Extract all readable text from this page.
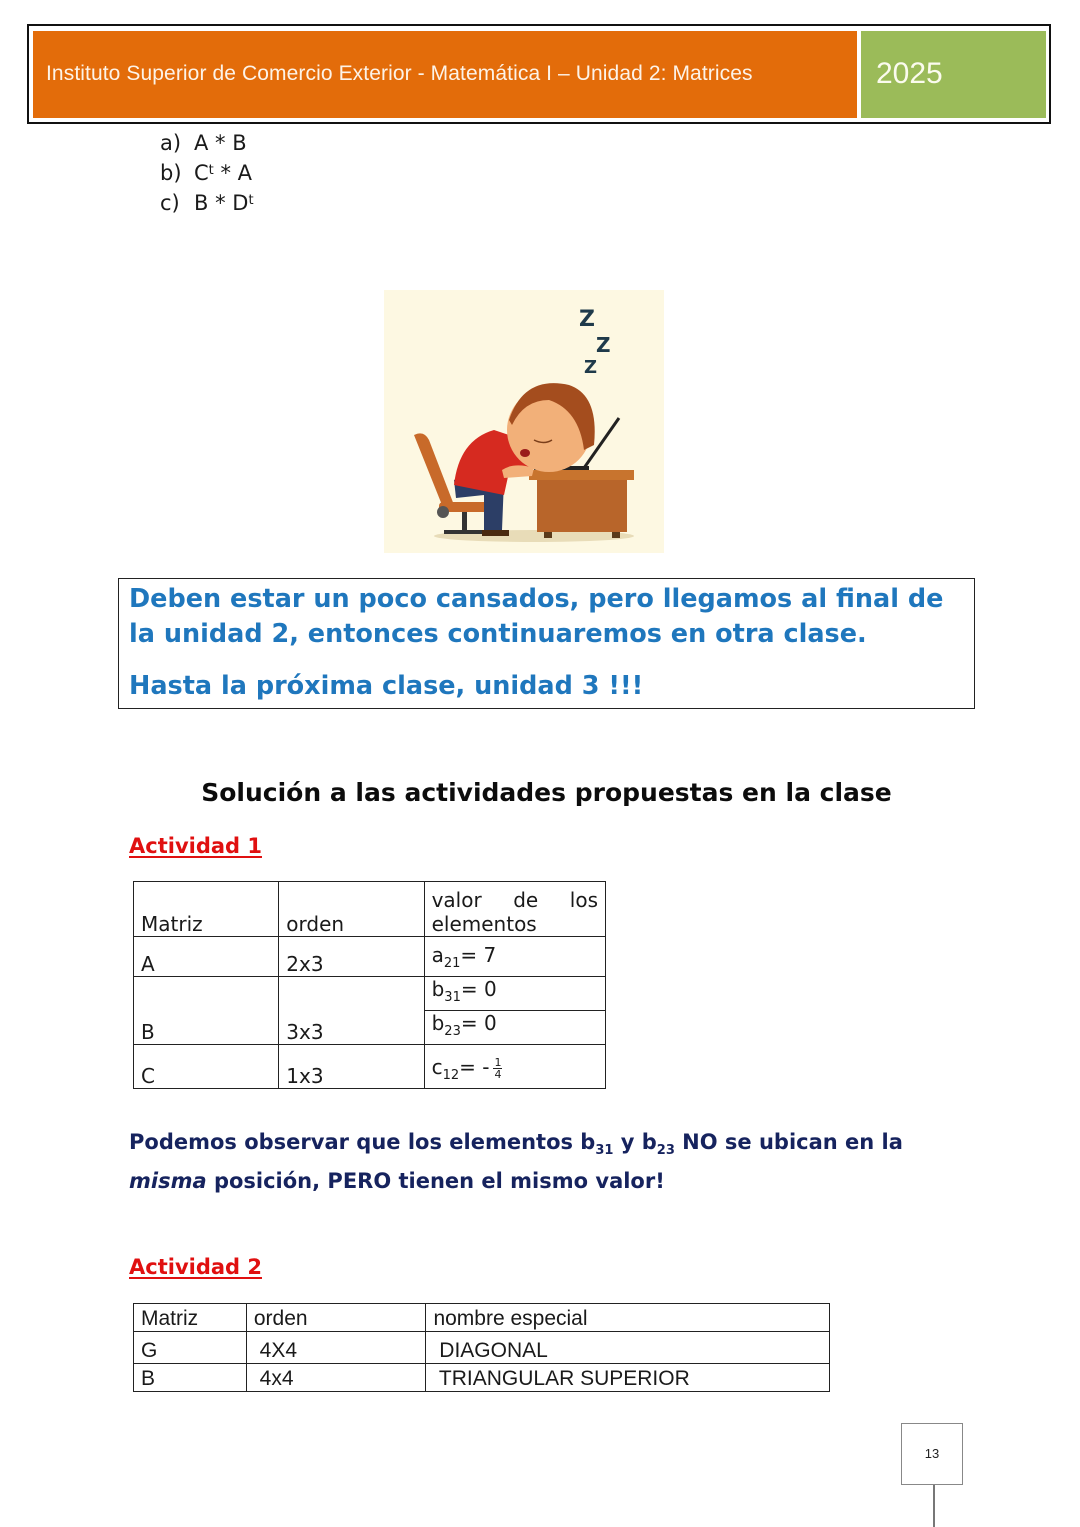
Instituto Superior de Comercio Exterior - Matemática I – Unidad 2: Matrices	2025
a) A * B
b) $C^t$ * A
c) B * $D^t$
Z
Z
Z
Deben estar un poco cansados, pero llegamos al final de la unidad 2, entonces continuaremos en otra clase.
Hasta la próxima clase, unidad 3 !!!
Solución a las actividades propuestas en la clase
Actividad 1
Matriz	orden	valor de los elementos
A	2x3	$a_{21}= 7$
B	3x3	$b_{31}= 0$
		$b_{23}= 0$
C	1x3	$c_{12}= - \frac{1}{4}$
Podemos observar que los elementos $b_{31}$ y $b_{23}$ NO se ubican en la
misma posición, PERO tienen el mismo valor!
Actividad 2
Matriz	orden	nombre especial
G	4X4	DIAGONAL
B	4x4	TRIANGULAR SUPERIOR
13
